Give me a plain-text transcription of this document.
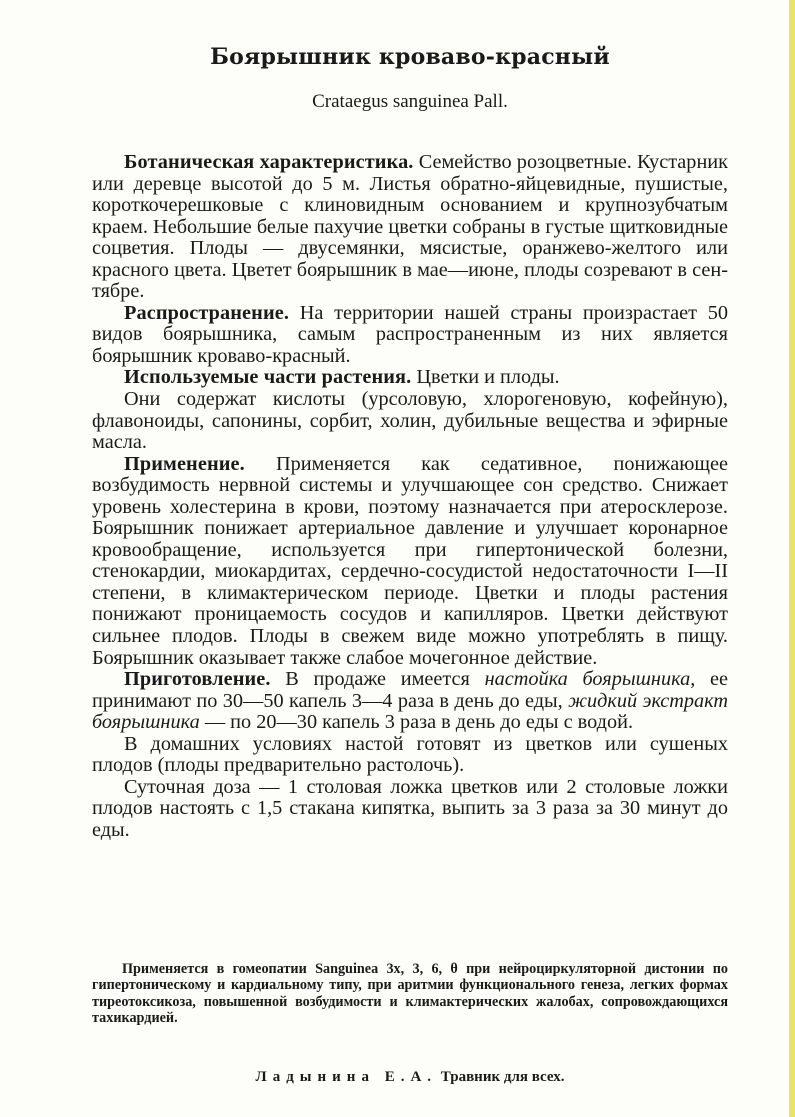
Боярышник кроваво-красный
Crataegus sanguinea Pall.

Ботаническая характеристика. Семейство розоцветные. Кустарник или деревце высотой до 5 м. Листья обратно-яйцевидные, пушистые, короткочерешковые с клиновидным основанием и крупнозубчатым краем. Небольшие белые пахучие цветки собраны в густые щитковидные соцветия. Плоды — двусемянки, мясистые, оранжево-желтого или красного цвета. Цветет боярышник в мае—июне, плоды созревают в сентябре.

Распространение. На территории нашей страны произрастает 50 видов боярышника, самым распространенным из них является боярышник кроваво-красный.

Используемые части растения. Цветки и плоды.

Они содержат кислоты (урсоловую, хлорогеновую, кофейную), флавоноиды, сапонины, сорбит, холин, дубильные вещества и эфирные масла.

Применение. Применяется как седативное, понижающее возбудимость нервной системы и улучшающее сон средство. Снижает уровень холестерина в крови, поэтому назначается при атеросклерозе. Боярышник понижает артериальное давление и улучшает коронарное кровообращение, используется при гипертонической болезни, стенокардии, миокардитах, сердечно-сосудистой недостаточности I—II степени, в климактерическом периоде. Цветки и плоды растения понижают проницаемость сосудов и капилляров. Цветки действуют сильнее плодов. Плоды в свежем виде можно употреблять в пищу. Боярышник оказывает также слабое мочегонное действие.

Приготовление. В продаже имеется настойка боярышника, ее принимают по 30—50 капель 3—4 раза в день до еды, жидкий экстракт боярышника — по 20—30 капель 3 раза в день до еды с водой.

В домашних условиях настой готовят из цветков или сушеных плодов (плоды предварительно растолочь).

Суточная доза — 1 столовая ложка цветков или 2 столовые ложки плодов настоять с 1,5 стакана кипятка, выпить за 3 раза за 30 минут до еды.

Применяется в гомеопатии Sanguinea 3x, 3, 6, θ при нейроциркуляторной дистонии по гипертоническому и кардиальному типу, при аритмии функционального генеза, легких формах тиреотоксикоза, повышенной возбудимости и климактерических жалобах, сопровождающихся тахикардией.
Ладынина Е.А. Травник для всех.
